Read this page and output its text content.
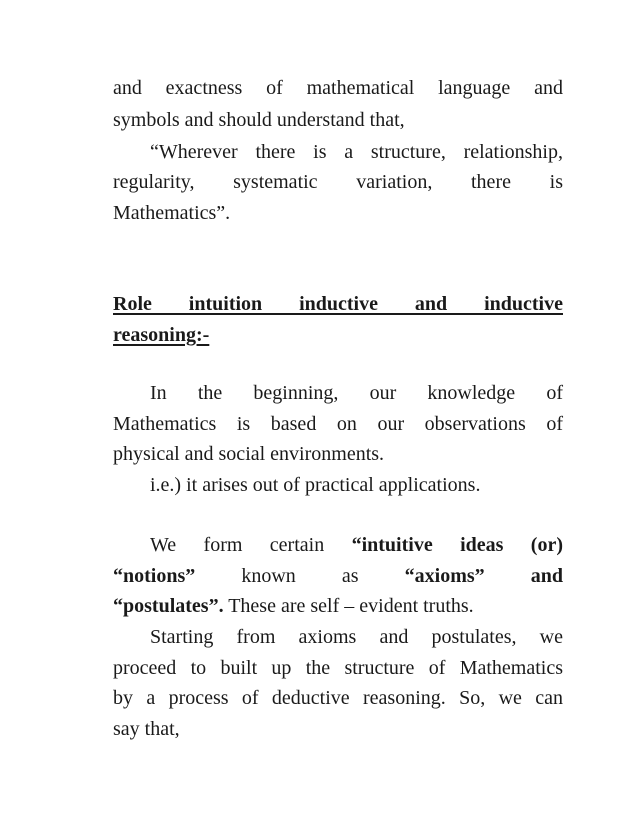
and exactness of mathematical language and
symbols and should understand that,
“Wherever there is a structure, relationship,
regularity, systematic variation, there is
Mathematics”.
Role intuition inductive and inductive
reasoning:-
In the beginning, our knowledge of
Mathematics is based on our observations of
physical and social environments.
i.e.) it arises out of practical applications.
We form certain “intuitive ideas (or)
“notions” known as “axioms” and
“postulates”. These are self – evident truths.
Starting from axioms and postulates, we
proceed to built up the structure of Mathematics
by a process of deductive reasoning. So, we can
say that,
